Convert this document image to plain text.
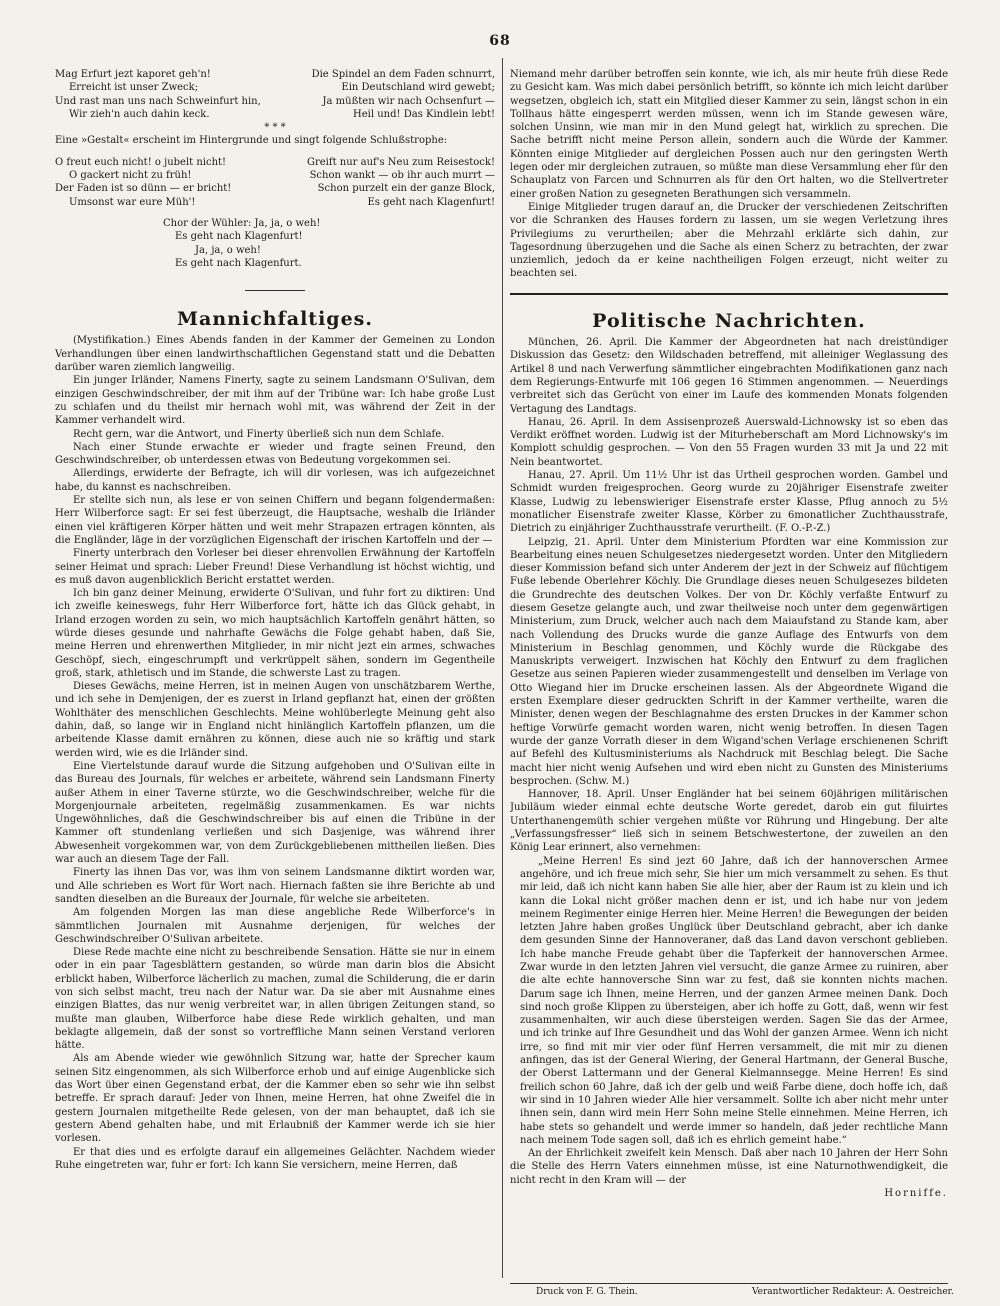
68
Mag Erfurt jezt kaporet geh'n!	Die Spindel an dem Faden schnurrt,
Erreicht ist unser Zweck;	Ein Deutschland wird gewebt;
Und rast man uns nach Schweinfurt hin,	Ja müßten wir nach Ochsenfurt —
Wir zieh'n auch dahin keck.	Heil und! Das Kindlein lebt!
* * *

Eine »Gestalt« erscheint im Hintergrunde und singt folgende Schlußstrophe:

O freut euch nicht! o jubelt nicht!	Greift nur auf's Neu zum Reisestock!
O gackert nicht zu früh!	Schon wankt — ob ihr auch murrt —
Der Faden ist so dünn — er bricht!	Schon purzelt ein der ganze Block,
Umsonst war eure Müh'!	Es geht nach Klagenfurt!
Chor der Wühler: Ja, ja, o weh!
Es geht nach Klagenfurt!
Ja, ja, o weh!
Es geht nach Klagenfurt.
Mannichfaltiges.

(Mystifikation.) Eines Abends fanden in der Kammer der Gemeinen zu London Verhandlungen über einen landwirthschaftlichen Gegenstand statt und die Debatten darüber waren ziemlich langweilig.

Ein junger Irländer, Namens Finerty, sagte zu seinem Landsmann O'Sulivan, dem einzigen Geschwindschreiber, der mit ihm auf der Tribüne war: Ich habe große Lust zu schlafen und du theilst mir hernach wohl mit, was während der Zeit in der Kammer verhandelt wird.

Recht gern, war die Antwort, und Finerty überließ sich nun dem Schlafe.

Nach einer Stunde erwachte er wieder und fragte seinen Freund, den Geschwindschreiber, ob unterdessen etwas von Bedeutung vorgekommen sei.

Allerdings, erwiderte der Befragte, ich will dir vorlesen, was ich aufgezeichnet habe, du kannst es nachschreiben.

Er stellte sich nun, als lese er von seinen Chiffern und begann folgendermaßen: Herr Wilberforce sagt: Er sei fest überzeugt, die Hauptsache, weshalb die Irländer einen viel kräftigeren Körper hätten und weit mehr Strapazen ertragen könnten, als die Engländer, läge in der vorzüglichen Eigenschaft der irischen Kartoffeln und der —

Finerty unterbrach den Vorleser bei dieser ehrenvollen Erwähnung der Kartoffeln seiner Heimat und sprach: Lieber Freund! Diese Verhandlung ist höchst wichtig, und es muß davon augenblicklich Bericht erstattet werden.

Ich bin ganz deiner Meinung, erwiderte O'Sulivan, und fuhr fort zu diktiren: Und ich zweifle keineswegs, fuhr Herr Wilberforce fort, hätte ich das Glück gehabt, in Irland erzogen worden zu sein, wo mich hauptsächlich Kartoffeln genährt hätten, so würde dieses gesunde und nahrhafte Gewächs die Folge gehabt haben, daß Sie, meine Herren und ehrenwerthen Mitglieder, in mir nicht jezt ein armes, schwaches Geschöpf, siech, eingeschrumpft und verkrüppelt sähen, sondern im Gegentheile groß, stark, athletisch und im Stande, die schwerste Last zu tragen.

Dieses Gewächs, meine Herren, ist in meinen Augen von unschätzbarem Werthe, und ich sehe in Demjenigen, der es zuerst in Irland gepflanzt hat, einen der größten Wohlthäter des menschlichen Geschlechts. Meine wohlüberlegte Meinung geht also dahin, daß, so lange wir in England nicht hinlänglich Kartoffeln pflanzen, um die arbeitende Klasse damit ernähren zu können, diese auch nie so kräftig und stark werden wird, wie es die Irländer sind.

Eine Viertelstunde darauf wurde die Sitzung aufgehoben und O'Sulivan eilte in das Bureau des Journals, für welches er arbeitete, während sein Landsmann Finerty außer Athem in einer Taverne stürzte, wo die Geschwindschreiber, welche für die Morgenjournale arbeiteten, regelmäßig zusammenkamen. Es war nichts Ungewöhnliches, daß die Geschwindschreiber bis auf einen die Tribüne in der Kammer oft stundenlang verließen und sich Dasjenige, was während ihrer Abwesenheit vorgekommen war, von dem Zurückgebliebenen mittheilen ließen. Dies war auch an diesem Tage der Fall.

Finerty las ihnen Das vor, was ihm von seinem Landsmanne diktirt worden war, und Alle schrieben es Wort für Wort nach. Hiernach faßten sie ihre Berichte ab und sandten dieselben an die Bureaux der Journale, für welche sie arbeiteten.

Am folgenden Morgen las man diese angebliche Rede Wilberforce's in sämmtlichen Journalen mit Ausnahme derjenigen, für welches der Geschwindschreiber O'Sulivan arbeitete.

Diese Rede machte eine nicht zu beschreibende Sensation. Hätte sie nur in einem oder in ein paar Tagesblättern gestanden, so würde man darin blos die Absicht erblickt haben, Wilberforce lächerlich zu machen, zumal die Schilderung, die er darin von sich selbst macht, treu nach der Natur war. Da sie aber mit Ausnahme eines einzigen Blattes, das nur wenig verbreitet war, in allen übrigen Zeitungen stand, so mußte man glauben, Wilberforce habe diese Rede wirklich gehalten, und man beklagte allgemein, daß der sonst so vortreffliche Mann seinen Verstand verloren hätte.

Als am Abende wieder wie gewöhnlich Sitzung war, hatte der Sprecher kaum seinen Sitz eingenommen, als sich Wilberforce erhob und auf einige Augenblicke sich das Wort über einen Gegenstand erbat, der die Kammer eben so sehr wie ihn selbst betreffe. Er sprach darauf: Jeder von Ihnen, meine Herren, hat ohne Zweifel die in gestern Journalen mitgetheilte Rede gelesen, von der man behauptet, daß ich sie gestern Abend gehalten habe, und mit Erlaubniß der Kammer werde ich sie hier vorlesen.

Er that dies und es erfolgte darauf ein allgemeines Gelächter. Nachdem wieder Ruhe eingetreten war, fuhr er fort: Ich kann Sie versichern, meine Herren, daß

Niemand mehr darüber betroffen sein konnte, wie ich, als mir heute früh diese Rede zu Gesicht kam. Was mich dabei persönlich betrifft, so könnte ich mich leicht darüber wegsetzen, obgleich ich, statt ein Mitglied dieser Kammer zu sein, längst schon in ein Tollhaus hätte eingesperrt werden müssen, wenn ich im Stande gewesen wäre, solchen Unsinn, wie man mir in den Mund gelegt hat, wirklich zu sprechen. Die Sache betrifft nicht meine Person allein, sondern auch die Würde der Kammer. Könnten einige Mitglieder auf dergleichen Possen auch nur den geringsten Werth legen oder mir dergleichen zutrauen, so müßte man diese Versammlung eher für den Schauplatz von Farcen und Schnurren als für den Ort halten, wo die Stellvertreter einer großen Nation zu gesegneten Berathungen sich versammeln.

Einige Mitglieder trugen darauf an, die Drucker der verschiedenen Zeitschriften vor die Schranken des Hauses fordern zu lassen, um sie wegen Verletzung ihres Privilegiums zu verurtheilen; aber die Mehrzahl erklärte sich dahin, zur Tagesordnung überzugehen und die Sache als einen Scherz zu betrachten, der zwar unziemlich, jedoch da er keine nachtheiligen Folgen erzeugt, nicht weiter zu beachten sei.

Politische Nachrichten.

München, 26. April. Die Kammer der Abgeordneten hat nach dreistündiger Diskussion das Gesetz: den Wildschaden betreffend, mit alleiniger Weglassung des Artikel 8 und nach Verwerfung sämmtlicher eingebrachten Modifikationen ganz nach dem Regierungs-Entwurfe mit 106 gegen 16 Stimmen angenommen. — Neuerdings verbreitet sich das Gerücht von einer im Laufe des kommenden Monats folgenden Vertagung des Landtags.

Hanau, 26. April. In dem Assisenprozeß Auerswald-Lichnowsky ist so eben das Verdikt eröffnet worden. Ludwig ist der Miturheberschaft am Mord Lichnowsky's im Komplott schuldig gesprochen. — Von den 55 Fragen wurden 33 mit Ja und 22 mit Nein beantwortet.

Hanau, 27. April. Um 11½ Uhr ist das Urtheil gesprochen worden. Gambel und Schmidt wurden freigesprochen. Georg wurde zu 20jähriger Eisenstrafe zweiter Klasse, Ludwig zu lebenswieriger Eisenstrafe erster Klasse, Pflug annoch zu 5½ monatlicher Eisenstrafe zweiter Klasse, Körber zu 6monatlicher Zuchthausstrafe, Dietrich zu einjähriger Zuchthausstrafe verurtheilt. (F. O.-P.-Z.)

Leipzig, 21. April. Unter dem Ministerium Pfordten war eine Kommission zur Bearbeitung eines neuen Schulgesetzes niedergesetzt worden. Unter den Mitgliedern dieser Kommission befand sich unter Anderem der jezt in der Schweiz auf flüchtigem Fuße lebende Oberlehrer Köchly. Die Grundlage dieses neuen Schulgesezes bildeten die Grundrechte des deutschen Volkes. Der von Dr. Köchly verfaßte Entwurf zu diesem Gesetze gelangte auch, und zwar theilweise noch unter dem gegenwärtigen Ministerium, zum Druck, welcher auch nach dem Maiaufstand zu Stande kam, aber nach Vollendung des Drucks wurde die ganze Auflage des Entwurfs von dem Ministerium in Beschlag genommen, und Köchly wurde die Rückgabe des Manuskripts verweigert. Inzwischen hat Köchly den Entwurf zu dem fraglichen Gesetze aus seinen Papieren wieder zusammengestellt und denselben im Verlage von Otto Wiegand hier im Drucke erscheinen lassen. Als der Abgeordnete Wigand die ersten Exemplare dieser gedruckten Schrift in der Kammer vertheilte, waren die Minister, denen wegen der Beschlagnahme des ersten Druckes in der Kammer schon heftige Vorwürfe gemacht worden waren, nicht wenig betroffen. In diesen Tagen wurde der ganze Vorrath dieser in dem Wigand'schen Verlage erschienenen Schrift auf Befehl des Kultusministeriums als Nachdruck mit Beschlag belegt. Die Sache macht hier nicht wenig Aufsehen und wird eben nicht zu Gunsten des Ministeriums besprochen. (Schw. M.)

Hannover, 18. April. Unser Engländer hat bei seinem 60jährigen militärischen Jubiläum wieder einmal echte deutsche Worte geredet, darob ein gut filuirtes Unterthanengemüth schier vergehen müßte vor Rührung und Hingebung. Der alte „Verfassungsfresser“ ließ sich in seinem Betschwestertone, der zuweilen an den König Lear erinnert, also vernehmen:

„Meine Herren! Es sind jezt 60 Jahre, daß ich der hannoverschen Armee angehöre, und ich freue mich sehr, Sie hier um mich versammelt zu sehen. Es thut mir leid, daß ich nicht kann haben Sie alle hier, aber der Raum ist zu klein und ich kann die Lokal nicht größer machen denn er ist, und ich habe nur von jedem meinem Regimenter einige Herren hier. Meine Herren! die Bewegungen der beiden letzten Jahre haben großes Unglück über Deutschland gebracht, aber ich danke dem gesunden Sinne der Hannoveraner, daß das Land davon verschont geblieben. Ich habe manche Freude gehabt über die Tapferkeit der hannoverschen Armee. Zwar wurde in den letzten Jahren viel versucht, die ganze Armee zu ruiniren, aber die alte echte hannoversche Sinn war zu fest, daß sie konnten nichts machen. Darum sage ich Ihnen, meine Herren, und der ganzen Armee meinen Dank. Doch sind noch große Klippen zu übersteigen, aber ich hoffe zu Gott, daß, wenn wir fest zusammenhalten, wir auch diese übersteigen werden. Sagen Sie das der Armee, und ich trinke auf Ihre Gesundheit und das Wohl der ganzen Armee. Wenn ich nicht irre, so find mit mir vier oder fünf Herren versammelt, die mit mir zu dienen anfingen, das ist der General Wiering, der General Hartmann, der General Busche, der Oberst Lattermann und der General Kielmannsegge. Meine Herren! Es sind freilich schon 60 Jahre, daß ich der gelb und weiß Farbe diene, doch hoffe ich, daß wir sind in 10 Jahren wieder Alle hier versammelt. Sollte ich aber nicht mehr unter ihnen sein, dann wird mein Herr Sohn meine Stelle einnehmen. Meine Herren, ich habe stets so gehandelt und werde immer so handeln, daß jeder rechtliche Mann nach meinem Tode sagen soll, daß ich es ehrlich gemeint habe.“

An der Ehrlichkeit zweifelt kein Mensch. Daß aber nach 10 Jahren der Herr Sohn die Stelle des Herrn Vaters einnehmen müsse, ist eine Naturnothwendigkeit, die nicht recht in den Kram will — der

Horniffe.
Druck von F. G. Thein.	Verantwortlicher Redakteur: A. Oestreicher.
